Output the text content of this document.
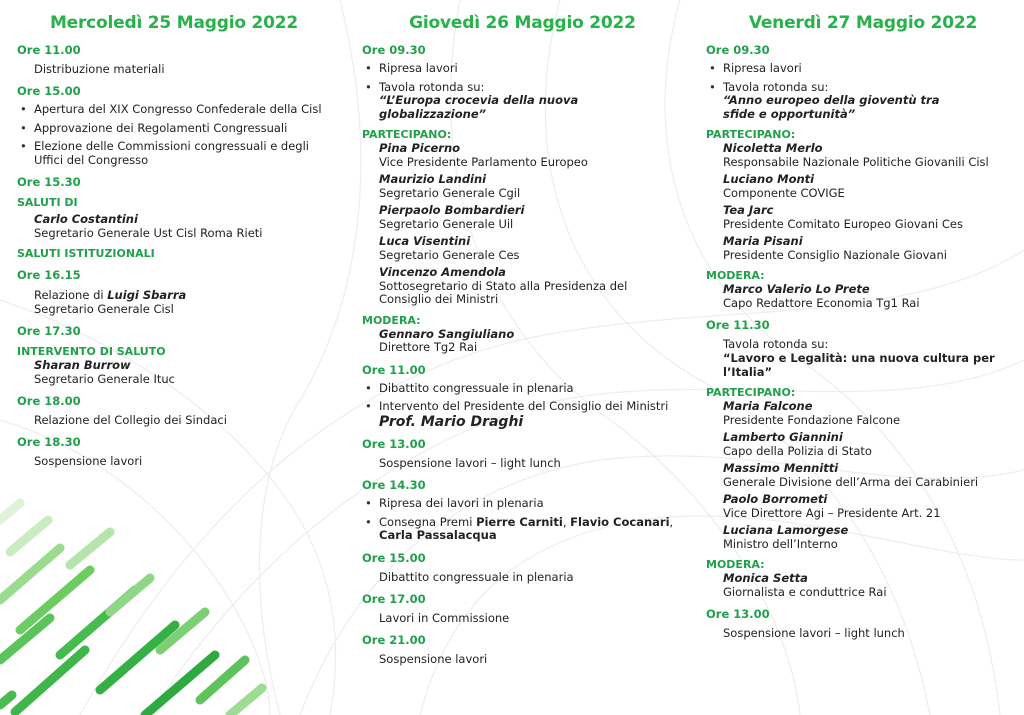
Mercoledì 25 Maggio 2022
Ore 11.00
Distribuzione materiali
Ore 15.00
• Apertura del XIX Congresso Confederale della Cisl
• Approvazione dei Regolamenti Congressuali
• Elezione delle Commissioni congressuali e degli Uffici del Congresso
Ore 15.30
SALUTI DI
Carlo Costantini
Segretario Generale Ust Cisl Roma Rieti
SALUTI ISTITUZIONALI
Ore 16.15
Relazione di Luigi Sbarra
Segretario Generale Cisl
Ore 17.30
INTERVENTO DI SALUTO
Sharan Burrow
Segretario Generale Ituc
Ore 18.00
Relazione del Collegio dei Sindaci
Ore 18.30
Sospensione lavori
Giovedì 26 Maggio 2022
Ore 09.30
• Ripresa lavori
• Tavola rotonda su:
“L’Europa crocevia della nuova globalizzazione”
PARTECIPANO:
Pina Picerno
Vice Presidente Parlamento Europeo
Maurizio Landini
Segretario Generale Cgil
Pierpaolo Bombardieri
Segretario Generale Uil
Luca Visentini
Segretario Generale Ces
Vincenzo Amendola
Sottosegretario di Stato alla Presidenza del Consiglio dei Ministri
MODERA:
Gennaro Sangiuliano
Direttore Tg2 Rai
Ore 11.00
• Dibattito congressuale in plenaria
• Intervento del Presidente del Consiglio dei Ministri
Prof. Mario Draghi
Ore 13.00
Sospensione lavori – light lunch
Ore 14.30
• Ripresa dei lavori in plenaria
• Consegna Premi Pierre Carniti, Flavio Cocanari,
Carla Passalacqua
Ore 15.00
Dibattito congressuale in plenaria
Ore 17.00
Lavori in Commissione
Ore 21.00
Sospensione lavori
Venerdì 27 Maggio 2022
Ore 09.30
• Ripresa lavori
• Tavola rotonda su:
“Anno europeo della gioventù tra sfide e opportunità”
PARTECIPANO:
Nicoletta Merlo
Responsabile Nazionale Politiche Giovanili Cisl
Luciano Monti
Componente COVIGE
Tea Jarc
Presidente Comitato Europeo Giovani Ces
Maria Pisani
Presidente Consiglio Nazionale Giovani
MODERA:
Marco Valerio Lo Prete
Capo Redattore Economia Tg1 Rai
Ore 11.30
Tavola rotonda su:
“Lavoro e Legalità: una nuova cultura per l’Italia”
PARTECIPANO:
Maria Falcone
Presidente Fondazione Falcone
Lamberto Giannini
Capo della Polizia di Stato
Massimo Mennitti
Generale Divisione dell’Arma dei Carabinieri
Paolo Borrometi
Vice Direttore Agi – Presidente Art. 21
Luciana Lamorgese
Ministro dell’Interno
MODERA:
Monica Setta
Giornalista e conduttrice Rai
Ore 13.00
Sospensione lavori – light lunch
